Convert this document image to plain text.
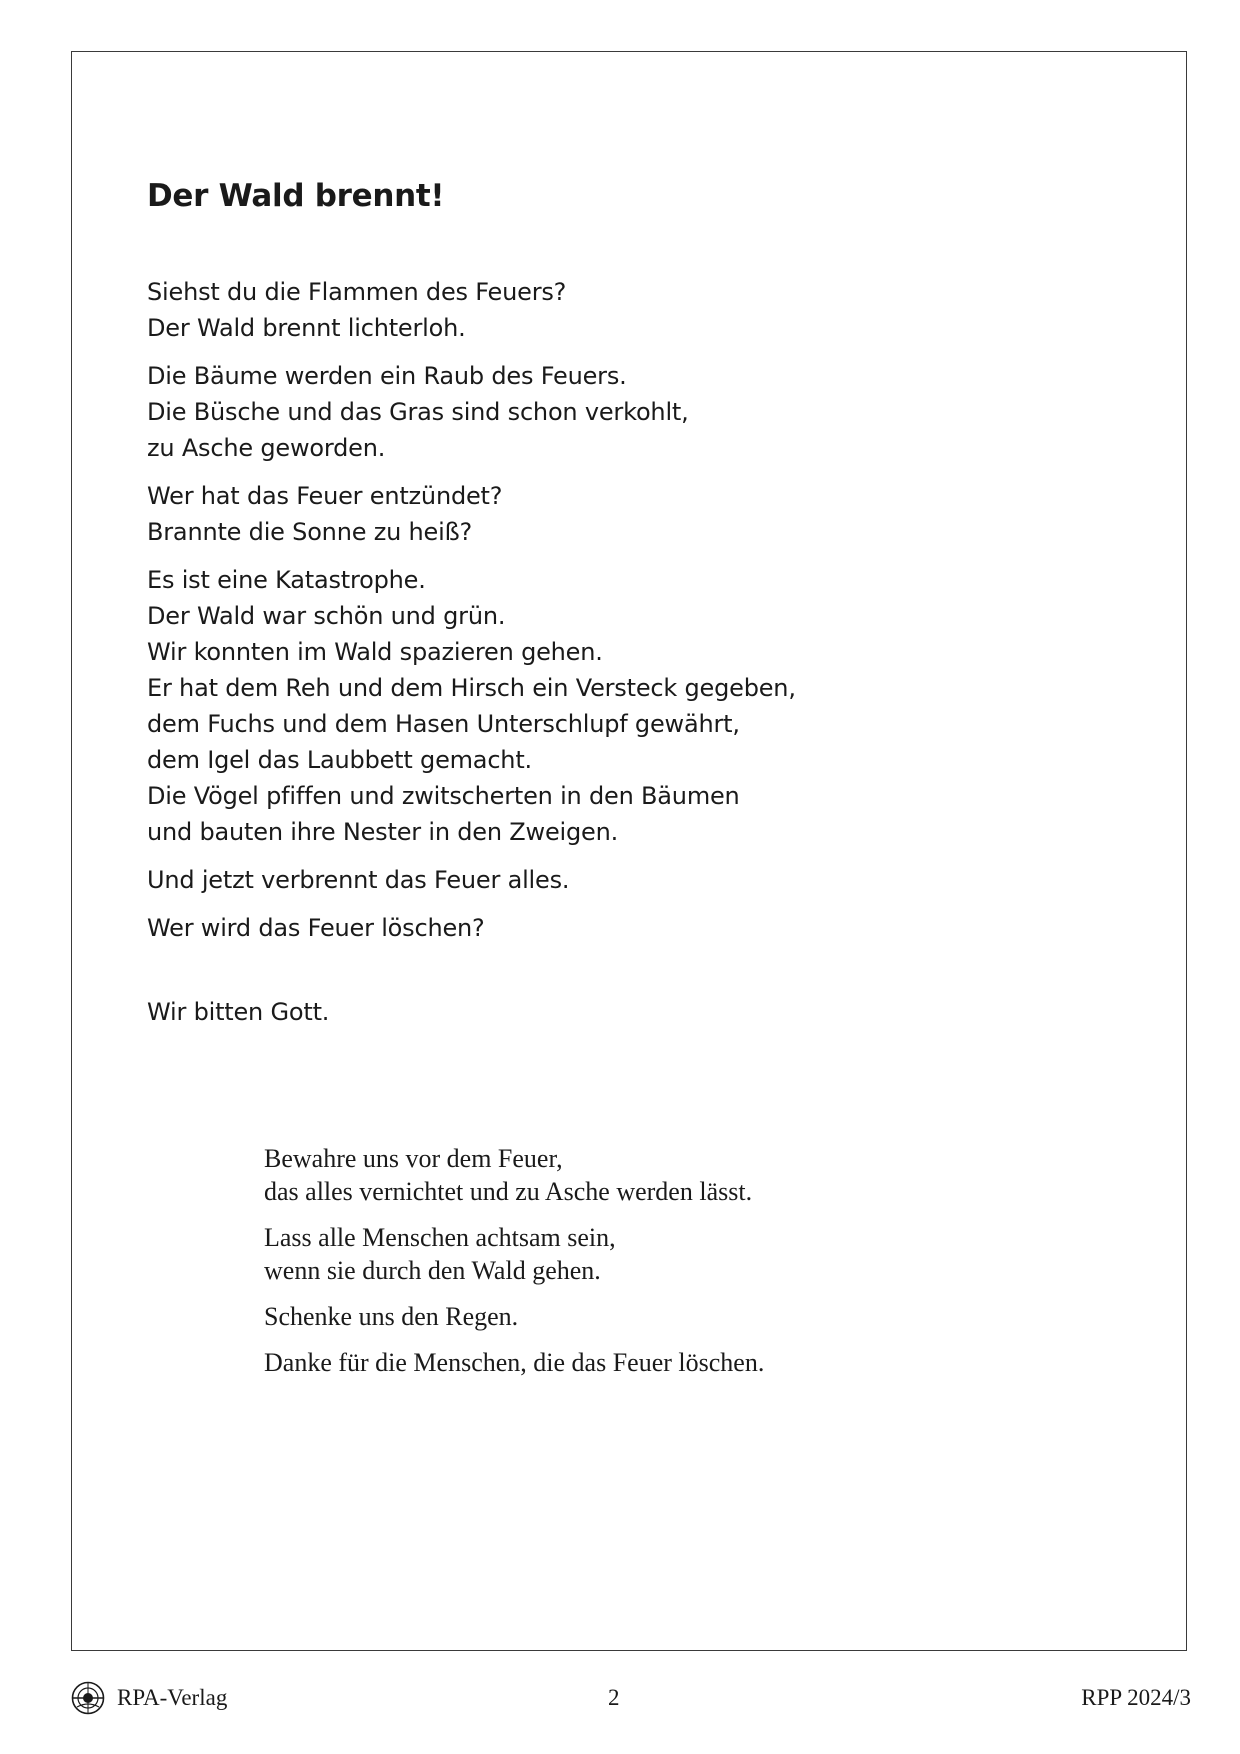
Der Wald brennt!

Siehst du die Flammen des Feuers?
Der Wald brennt lichterloh.

Die Bäume werden ein Raub des Feuers.
Die Büsche und das Gras sind schon verkohlt,
zu Asche geworden.

Wer hat das Feuer entzündet?
Brannte die Sonne zu heiß?

Es ist eine Katastrophe.
Der Wald war schön und grün.
Wir konnten im Wald spazieren gehen.
Er hat dem Reh und dem Hirsch ein Versteck gegeben,
dem Fuchs und dem Hasen Unterschlupf gewährt,
dem Igel das Laubbett gemacht.
Die Vögel pfiffen und zwitscherten in den Bäumen
und bauten ihre Nester in den Zweigen.

Und jetzt verbrennt das Feuer alles.

Wer wird das Feuer löschen?

Wir bitten Gott.

Bewahre uns vor dem Feuer,
das alles vernichtet und zu Asche werden lässt.

Lass alle Menschen achtsam sein,
wenn sie durch den Wald gehen.

Schenke uns den Regen.

Danke für die Menschen, die das Feuer löschen.

RPA-Verlag	2	RPP 2024/3
